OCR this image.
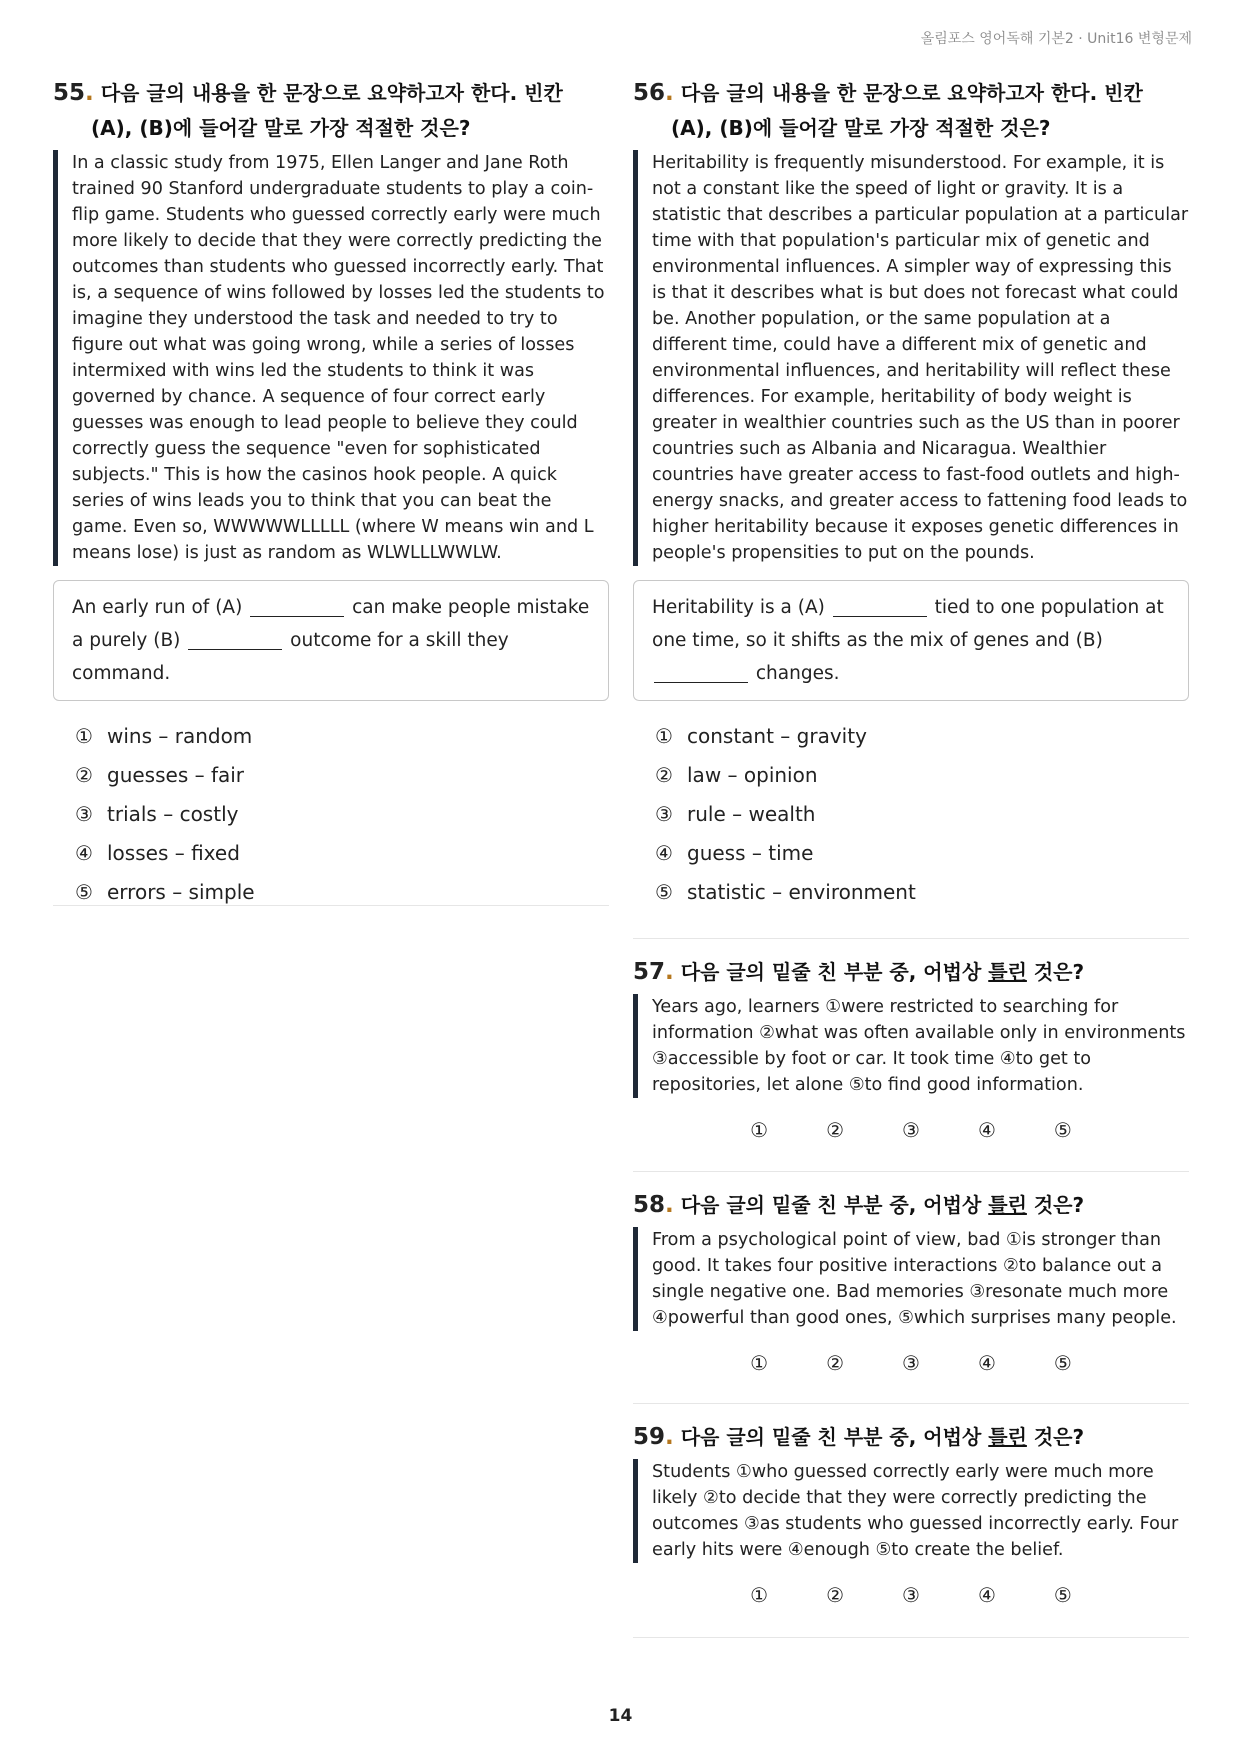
올림포스 영어독해 기본2 · Unit16 변형문제
55. 다음 글의 내용을 한 문장으로 요약하고자 한다. 빈칸 (A), (B)에 들어갈 말로 가장 적절한 것은?
In a classic study from 1975, Ellen Langer and Jane Roth trained 90 Stanford undergraduate students to play a coin-flip game. Students who guessed correctly early were much more likely to decide that they were correctly predicting the outcomes than students who guessed incorrectly early. That is, a sequence of wins followed by losses led the students to imagine they understood the task and needed to try to figure out what was going wrong, while a series of losses intermixed with wins led the students to think it was governed by chance. A sequence of four correct early guesses was enough to lead people to believe they could correctly guess the sequence "even for sophisticated subjects." This is how the casinos hook people. A quick series of wins leads you to think that you can beat the game. Even so, WWWWWLLLLL (where W means win and L means lose) is just as random as WLWLLLWWLW.
An early run of (A)	can make people mistake a purely (B)	outcome for a skill they command.
① wins – random
② guesses – fair
③ trials – costly
④ losses – fixed
⑤ errors – simple
56. 다음 글의 내용을 한 문장으로 요약하고자 한다. 빈칸 (A), (B)에 들어갈 말로 가장 적절한 것은?
Heritability is frequently misunderstood. For example, it is not a constant like the speed of light or gravity. It is a statistic that describes a particular population at a particular time with that population's particular mix of genetic and environmental influences. A simpler way of expressing this is that it describes what is but does not forecast what could be. Another population, or the same population at a different time, could have a different mix of genetic and environmental influences, and heritability will reflect these differences. For example, heritability of body weight is greater in wealthier countries such as the US than in poorer countries such as Albania and Nicaragua. Wealthier countries have greater access to fast-food outlets and high-energy snacks, and greater access to fattening food leads to higher heritability because it exposes genetic differences in people's propensities to put on the pounds.
Heritability is a (A)	tied to one population at one time, so it shifts as the mix of genes and (B)  changes.
① constant – gravity
② law – opinion
③ rule – wealth
④ guess – time
⑤ statistic – environment
57. 다음 글의 밑줄 친 부분 중, 어법상 틀린 것은?
Years ago, learners ①were restricted to searching for information ②what was often available only in environments ③accessible by foot or car. It took time ④to get to repositories, let alone ⑤to find good information.
①	②	③	④	⑤
58. 다음 글의 밑줄 친 부분 중, 어법상 틀린 것은?
From a psychological point of view, bad ①is stronger than good. It takes four positive interactions ②to balance out a single negative one. Bad memories ③resonate much more ④powerful than good ones, ⑤which surprises many people.
①	②	③	④	⑤
59. 다음 글의 밑줄 친 부분 중, 어법상 틀린 것은?
Students ①who guessed correctly early were much more likely ②to decide that they were correctly predicting the outcomes ③as students who guessed incorrectly early. Four early hits were ④enough ⑤to create the belief.
①	②	③	④	⑤
14
